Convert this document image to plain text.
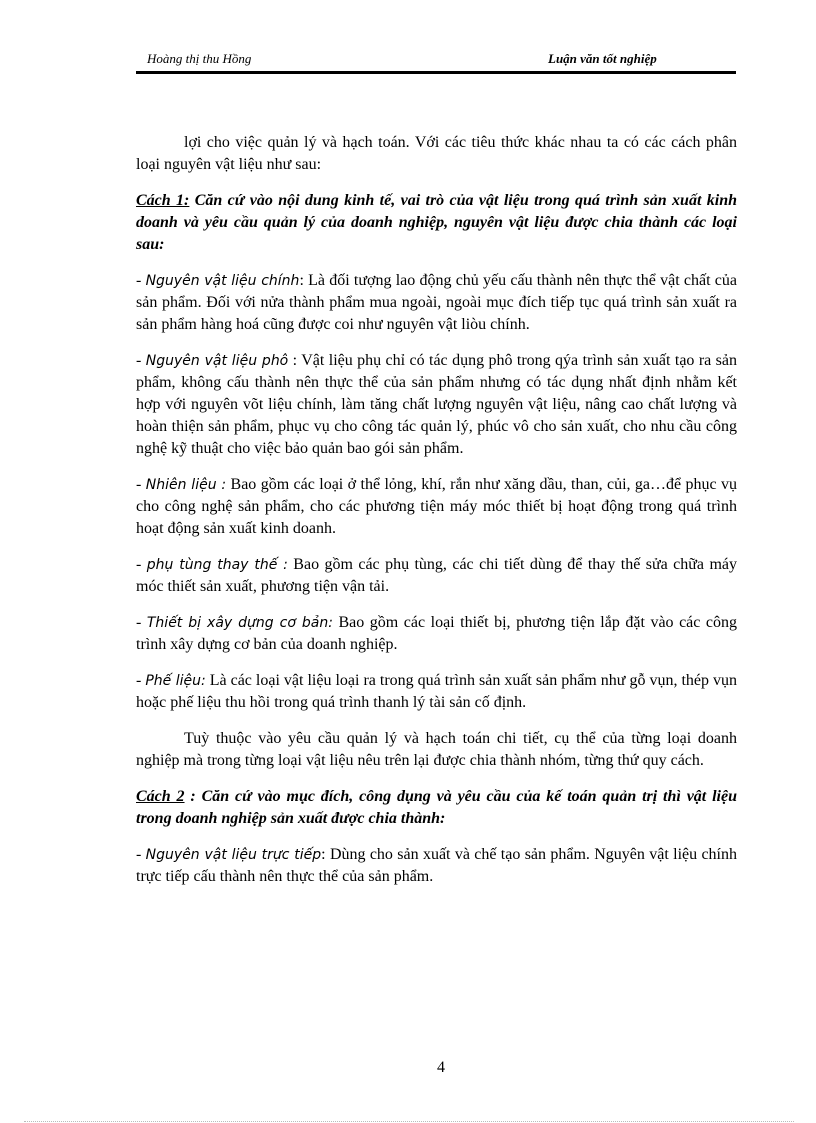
Hoàng thị thu Hồng	Luận văn tốt nghiệp

lợi cho việc quản lý và hạch toán. Với các tiêu thức khác nhau ta có các cách phân loại nguyên vật liệu như sau:

Cách 1: Căn cứ vào nội dung kinh tế, vai trò của vật liệu trong quá trình sản xuất kinh doanh và yêu cầu quản lý của doanh nghiệp, nguyên vật liệu được chia thành các loại sau:

- Nguyên vật liệu chính: Là đối tượng lao động chủ yếu cấu thành nên thực thể vật chất của sản phẩm. Đối với nửa thành phẩm mua ngoài, ngoài mục đích tiếp tục quá trình sản xuất ra sản phẩm hàng hoá cũng được coi như nguyên vật liòu chính.

- Nguyên vật liệu phô : Vật liệu phụ chỉ có tác dụng phô trong qýa trình sản xuất tạo ra sản phẩm, không cấu thành nên thực thể của sản phẩm nhưng có tác dụng nhất định nhằm kết hợp với nguyên võt liệu chính, làm tăng chất lượng nguyên vật liệu, nâng cao chất lượng và hoàn thiện sản phẩm, phục vụ cho công tác quản lý, phúc vô cho sản xuất, cho nhu cầu công nghệ kỹ thuật cho việc bảo quản bao gói sản phẩm.

- Nhiên liệu : Bao gồm các loại ở thể lỏng, khí, rắn như xăng dầu, than, củi, ga…để phục vụ cho công nghệ sản phẩm, cho các phương tiện máy móc thiết bị hoạt động trong quá trình hoạt động sản xuất kinh doanh.

- phụ tùng thay thế : Bao gồm các phụ tùng, các chi tiết dùng để thay thế sửa chữa máy móc thiết sản xuất, phương tiện vận tải.

- Thiết bị xây dựng cơ bản: Bao gồm các loại thiết bị, phương tiện lắp đặt vào các công trình xây dựng cơ bản của doanh nghiệp.

- Phế liệu: Là các loại vật liệu loại ra trong quá trình sản xuất sản phẩm như gỗ vụn, thép vụn hoặc phế liệu thu hồi trong quá trình thanh lý tài sản cố định.

Tuỳ thuộc vào yêu cầu quản lý và hạch toán chi tiết, cụ thể của từng loại doanh nghiệp mà trong từng loại vật liệu nêu trên lại được chia thành nhóm, từng thứ quy cách.

Cách 2 : Căn cứ vào mục đích, công dụng và yêu cầu của kế toán quản trị thì vật liệu trong doanh nghiệp sản xuất được chia thành:

- Nguyên vật liệu trực tiếp: Dùng cho sản xuất và chế tạo sản phẩm. Nguyên vật liệu chính trực tiếp cấu thành nên thực thể của sản phẩm.

4
